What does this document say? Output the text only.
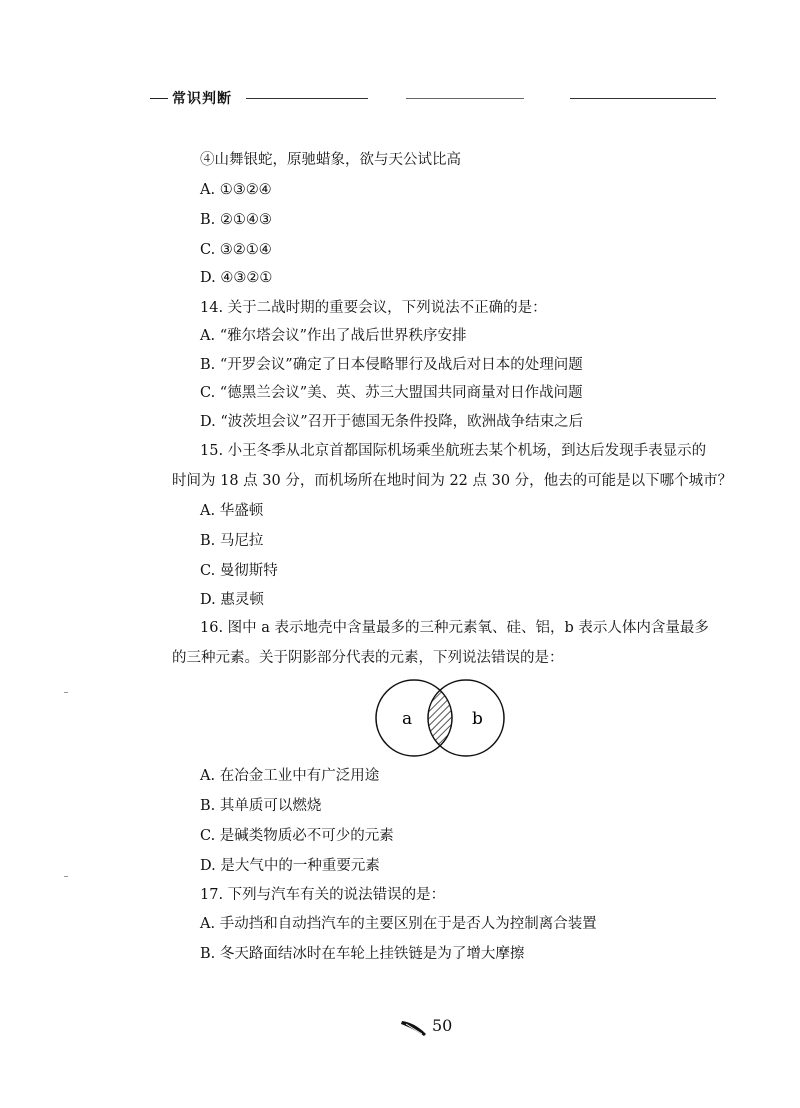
常识判断
④山舞银蛇，原驰蜡象，欲与天公试比高
A. ①③②④
B. ②①④③
C. ③②①④
D. ④③②①
14. 关于二战时期的重要会议，下列说法不正确的是：
A. “雅尔塔会议”作出了战后世界秩序安排
B. “开罗会议”确定了日本侵略罪行及战后对日本的处理问题
C. “德黑兰会议”美、英、苏三大盟国共同商量对日作战问题
D. “波茨坦会议”召开于德国无条件投降，欧洲战争结束之后
15. 小王冬季从北京首都国际机场乘坐航班去某个机场，到达后发现手表显示的
时间为 18 点 30 分，而机场所在地时间为 22 点 30 分，他去的可能是以下哪个城市？
A. 华盛顿
B. 马尼拉
C. 曼彻斯特
D. 惠灵顿
16. 图中 a 表示地壳中含量最多的三种元素氧、硅、铝，b 表示人体内含量最多
的三种元素。关于阴影部分代表的元素，下列说法错误的是：
a	b
A. 在冶金工业中有广泛用途
B. 其单质可以燃烧
C. 是碱类物质必不可少的元素
D. 是大气中的一种重要元素
17. 下列与汽车有关的说法错误的是：
A. 手动挡和自动挡汽车的主要区别在于是否人为控制离合装置
B. 冬天路面结冰时在车轮上挂铁链是为了增大摩擦
50
